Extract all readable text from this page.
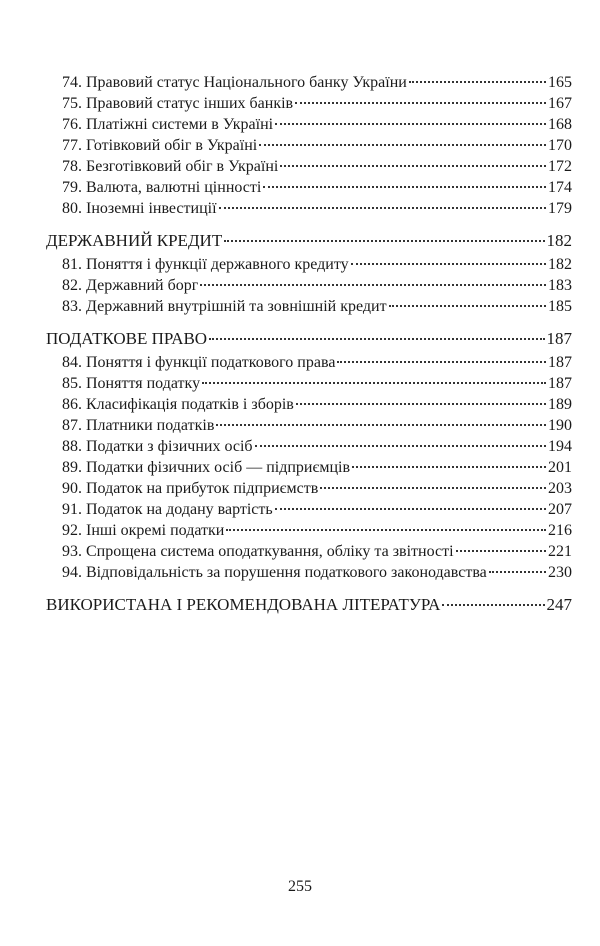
74. Правовий статус Національного банку України	165
75. Правовий статус інших банків	167
76. Платіжні системи в Україні	168
77. Готівковий обіг в Україні	170
78. Безготівковий обіг в Україні	172
79. Валюта, валютні цінності	174
80. Іноземні інвестиції	179
ДЕРЖАВНИЙ КРЕДИТ	182
81. Поняття і функції державного кредиту	182
82. Державний борг	183
83. Державний внутрішній та зовнішній кредит	185
ПОДАТКОВЕ ПРАВО	187
84. Поняття і функції податкового права	187
85. Поняття податку	187
86. Класифікація податків і зборів	189
87. Платники податків	190
88. Податки з фізичних осіб	194
89. Податки фізичних осіб — підприємців	201
90. Податок на прибуток підприємств	203
91. Податок на додану вартість	207
92. Інші окремі податки	216
93. Спрощена система оподаткування, обліку та звітності	221
94. Відповідальність за порушення податкового законодавства	230
ВИКОРИСТАНА І РЕКОМЕНДОВАНА ЛІТЕРАТУРА	247
255
